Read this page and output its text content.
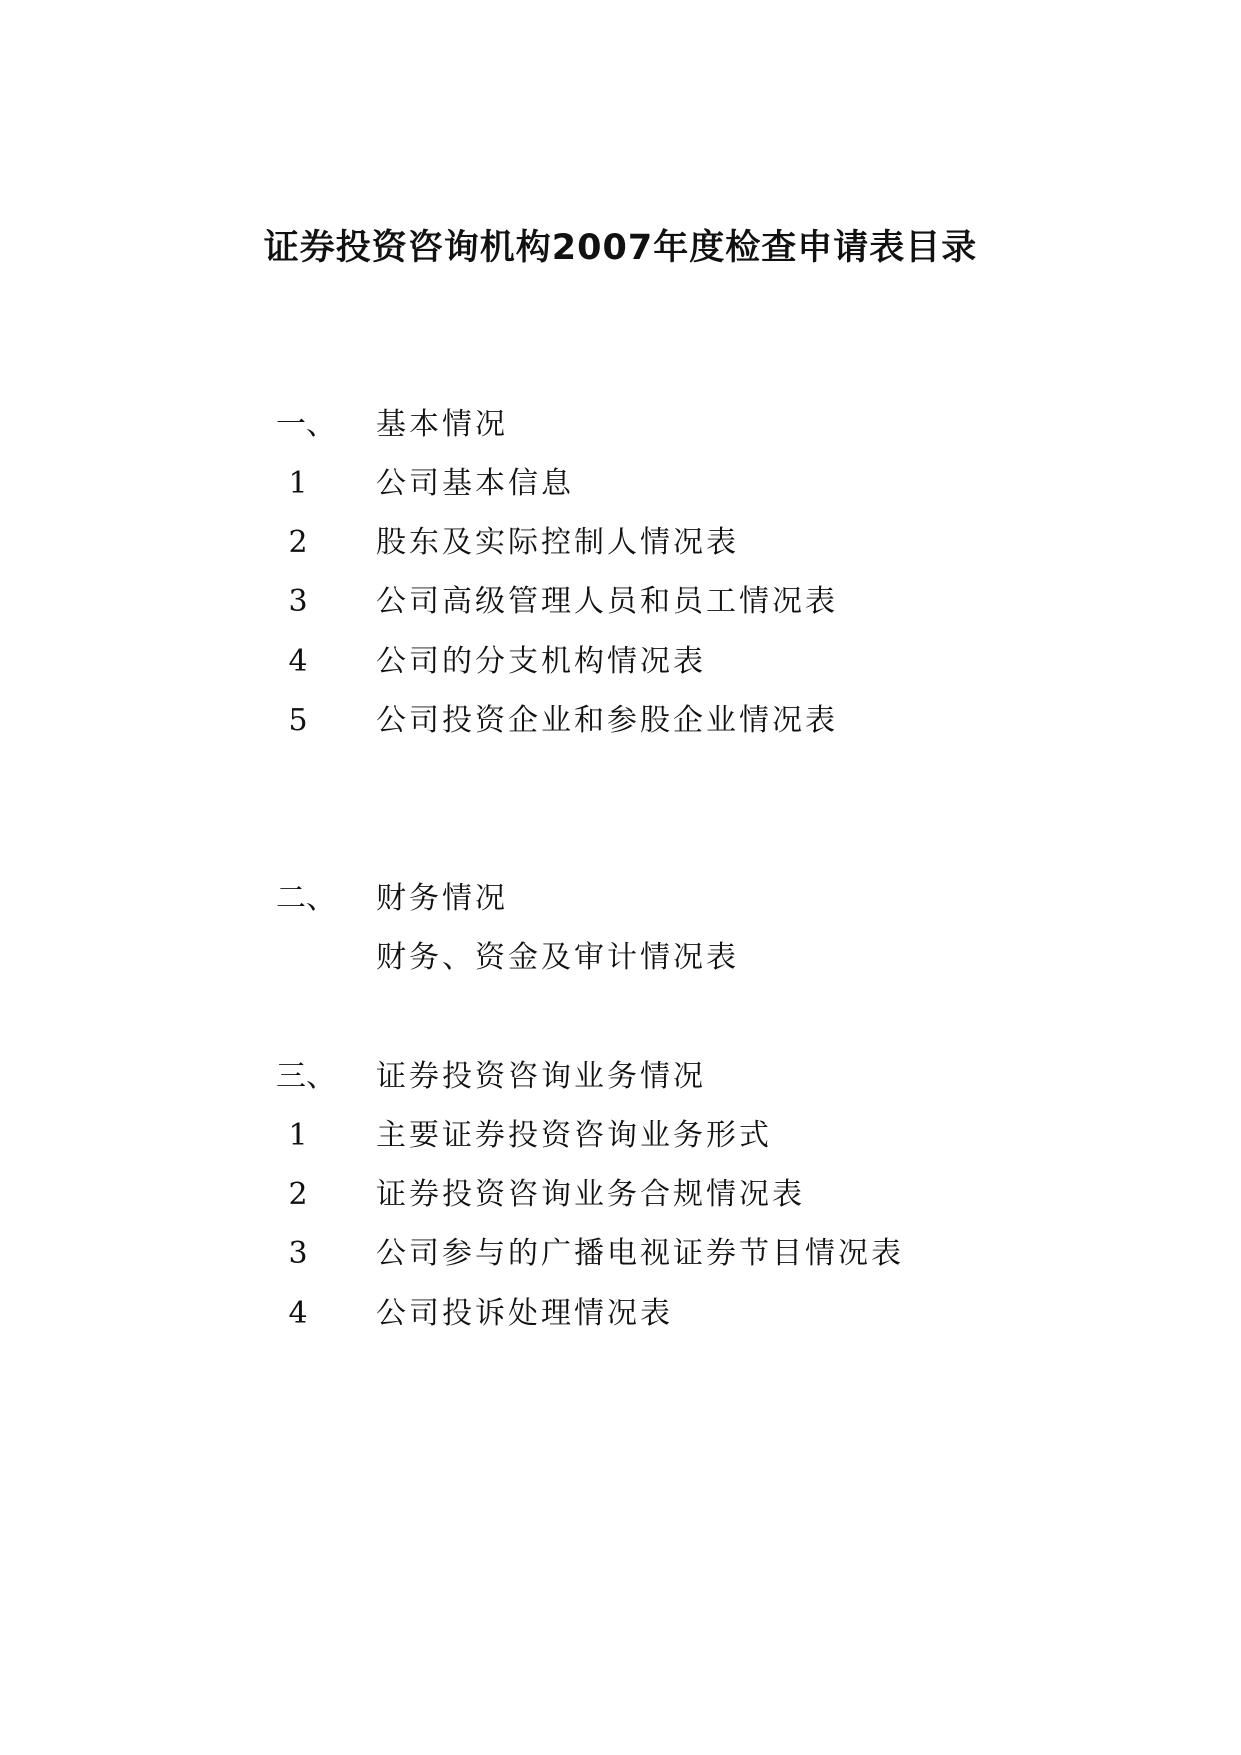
证券投资咨询机构2007年度检查申请表目录
一、 基本情况
1	公司基本信息
2	股东及实际控制人情况表
3	公司高级管理人员和员工情况表
4	公司的分支机构情况表
5	公司投资企业和参股企业情况表
二、 财务情况
财务、资金及审计情况表
三、 证券投资咨询业务情况
1	主要证券投资咨询业务形式
2	证券投资咨询业务合规情况表
3	公司参与的广播电视证券节目情况表
4	公司投诉处理情况表
